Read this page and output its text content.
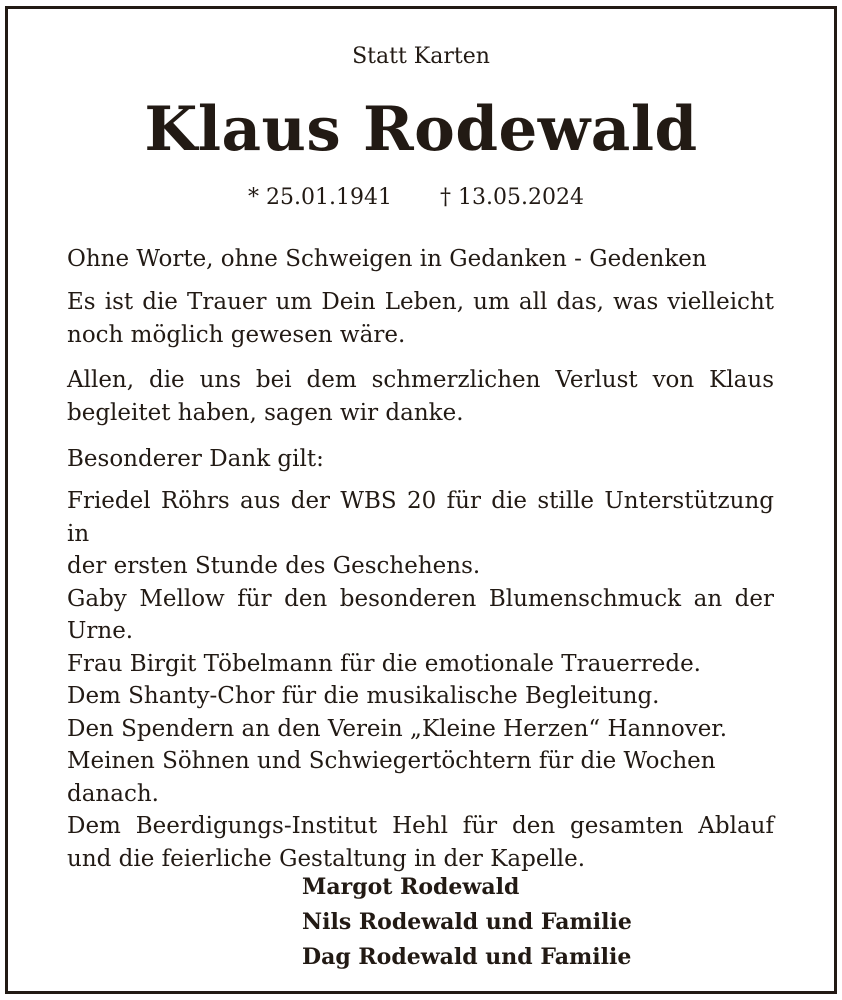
Statt Karten
Klaus Rodewald
* 25.01.1941 † 13.05.2024
Ohne Worte, ohne Schweigen in Gedanken - Gedenken
Es ist die Trauer um Dein Leben, um all das, was vielleicht
noch möglich gewesen wäre.
Allen, die uns bei dem schmerzlichen Verlust von Klaus
begleitet haben, sagen wir danke.
Besonderer Dank gilt:
Friedel Röhrs aus der WBS 20 für die stille Unterstützung in
der ersten Stunde des Geschehens.
Gaby Mellow für den besonderen Blumenschmuck an der
Urne.
Frau Birgit Töbelmann für die emotionale Trauerrede.
Dem Shanty-Chor für die musikalische Begleitung.
Den Spendern an den Verein „Kleine Herzen“ Hannover.
Meinen Söhnen und Schwiegertöchtern für die Wochen
danach.
Dem Beerdigungs-Institut Hehl für den gesamten Ablauf
und die feierliche Gestaltung in der Kapelle.
Margot Rodewald
Nils Rodewald und Familie
Dag Rodewald und Familie
